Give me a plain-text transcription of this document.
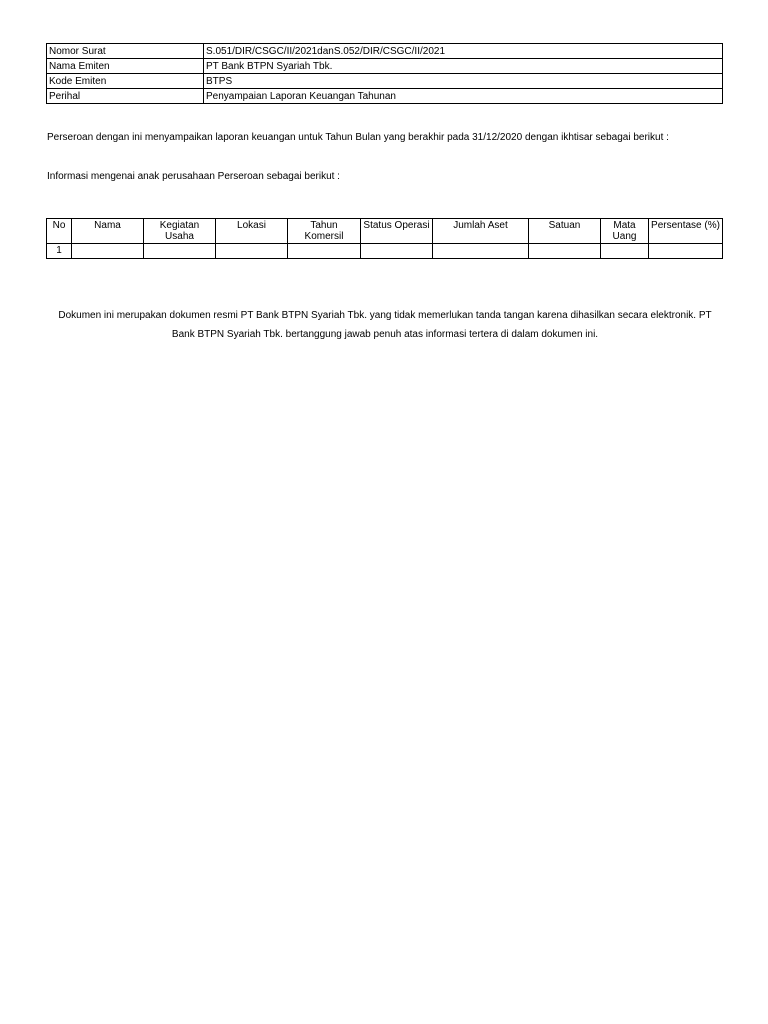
Nomor Surat	S.051/DIR/CSGC/II/2021danS.052/DIR/CSGC/II/2021
Nama Emiten	PT Bank BTPN Syariah Tbk.
Kode Emiten	BTPS
Perihal	Penyampaian Laporan Keuangan Tahunan
Perseroan dengan ini menyampaikan laporan keuangan untuk Tahun Bulan yang berakhir pada 31/12/2020 dengan ikhtisar sebagai berikut :
Informasi mengenai anak perusahaan Perseroan sebagai berikut :
No	Nama	Kegiatan Usaha	Lokasi	Tahun Komersil	Status Operasi	Jumlah Aset	Satuan	Mata Uang	Persentase (%)
1									
Dokumen ini merupakan dokumen resmi PT Bank BTPN Syariah Tbk. yang tidak memerlukan tanda tangan karena dihasilkan secara elektronik. PT
Bank BTPN Syariah Tbk. bertanggung jawab penuh atas informasi tertera di dalam dokumen ini.
